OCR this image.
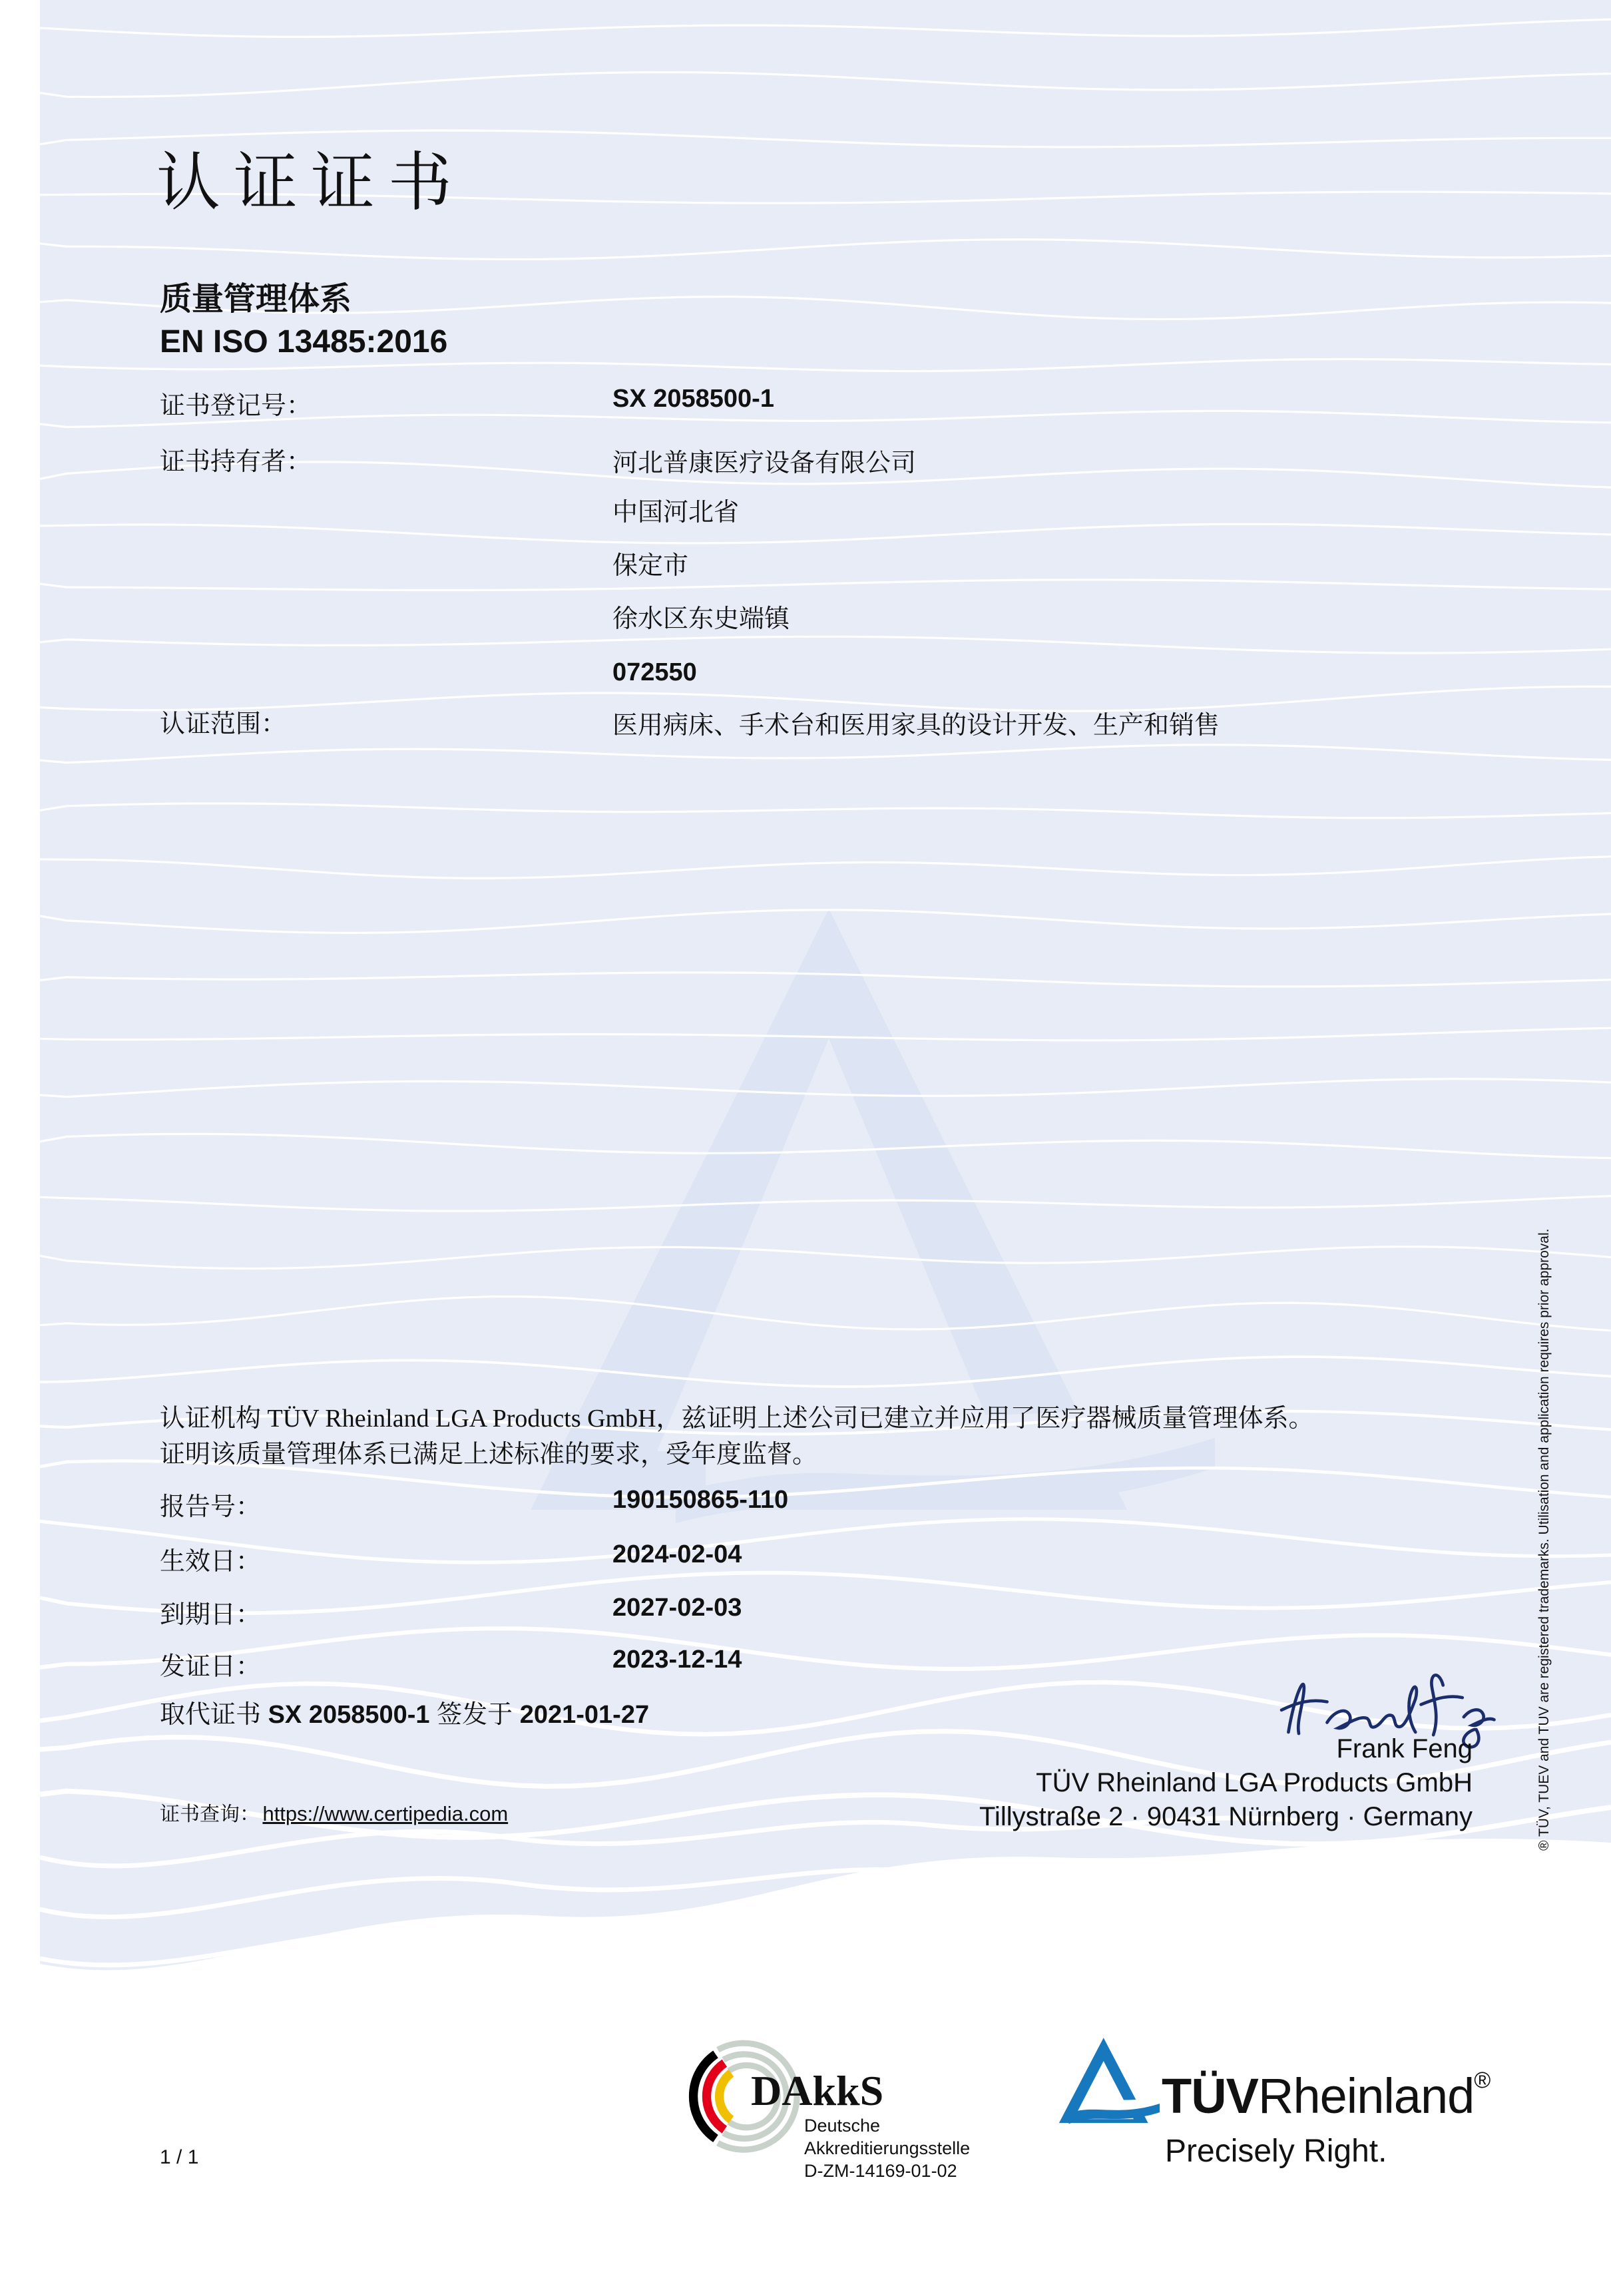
认证证书
质量管理体系
EN ISO 13485:2016
证书登记号：	SX 2058500-1
证书持有者：	河北普康医疗设备有限公司
中国河北省
保定市
徐水区东史端镇
072550
认证范围：	医用病床、手术台和医用家具的设计开发、生产和销售
认证机构 TÜV Rheinland LGA Products GmbH，兹证明上述公司已建立并应用了医疗器械质量管理体系。
证明该质量管理体系已满足上述标准的要求，受年度监督。
报告号：	190150865-110
生效日：	2024-02-04
到期日：	2027-02-03
发证日：	2023-12-14
取代证书 SX 2058500-1 签发于 2021-01-27
证书查询： https://www.certipedia.com
Frank Feng
TÜV Rheinland LGA Products GmbH
Tillystraße 2 · 90431 Nürnberg · Germany	® TÜV, TUEV and TUV are registered trademarks. Utilisation and application requires prior approval.
1 / 1
DAkkS
Deutsche
Akkreditierungsstelle
D-ZM-14169-01-02
TÜVRheinland®
Precisely Right.
